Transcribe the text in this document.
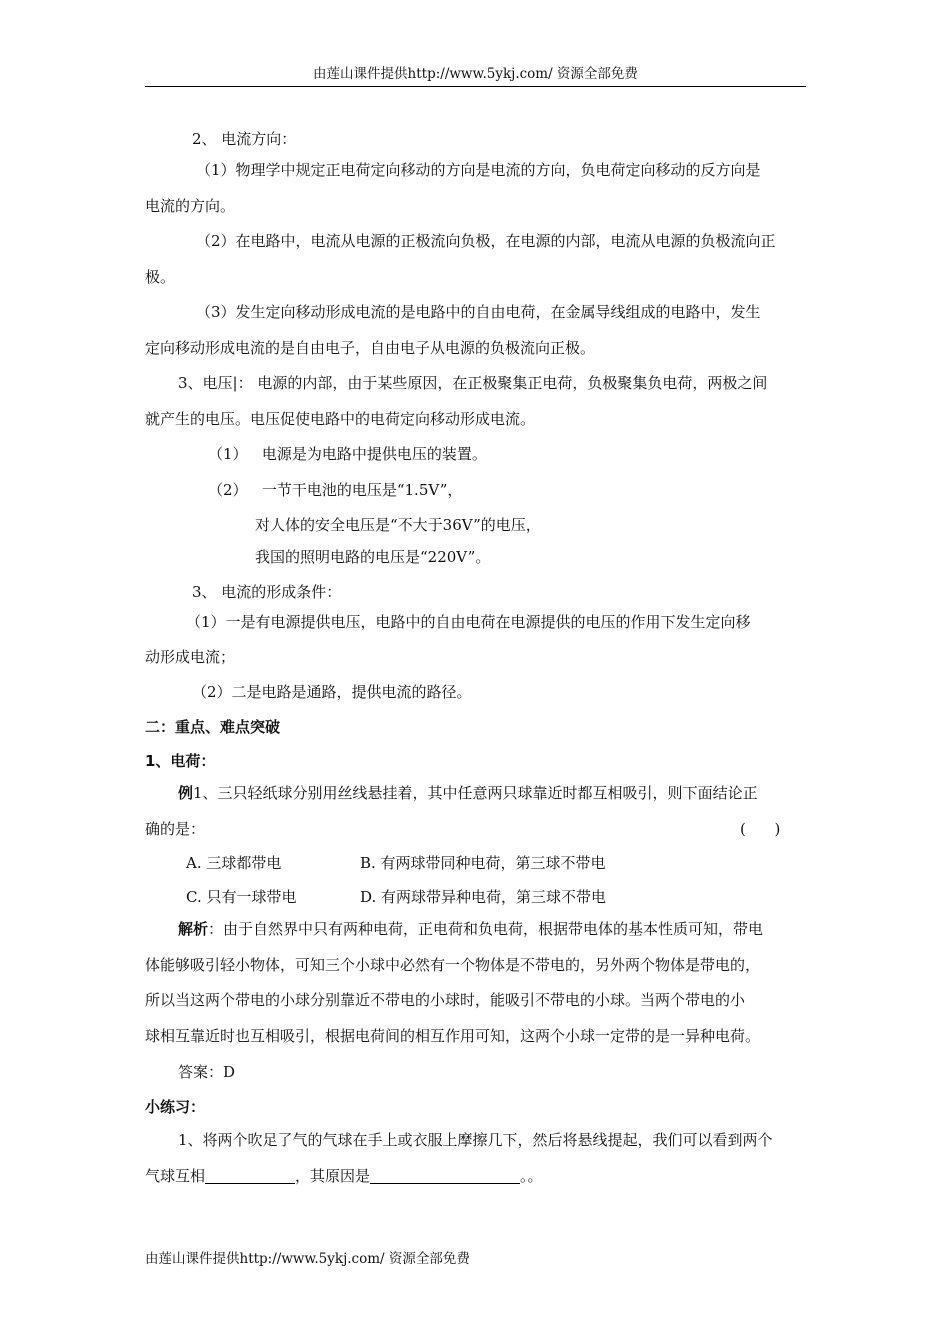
由莲山课件提供http://www.5ykj.com/ 资源全部免费
2、 电流方向：
（1）物理学中规定正电荷定向移动的方向是电流的方向，负电荷定向移动的反方向是
电流的方向。
（2）在电路中，电流从电源的正极流向负极，在电源的内部，电流从电源的负极流向正
极。
（3）发生定向移动形成电流的是电路中的自由电荷，在金属导线组成的电路中，发生
定向移动形成电流的是自由电子，自由电子从电源的负极流向正极。
3、电压|： 电源的内部，由于某些原因，在正极聚集正电荷，负极聚集负电荷，两极之间
就产生的电压。电压促使电路中的电荷定向移动形成电流。
（1）   电源是为电路中提供电压的装置。
（2）   一节干电池的电压是“1.5V”，
对人体的安全电压是“不大于36V”的电压，
我国的照明电路的电压是“220V”。
3、 电流的形成条件：
（1）一是有电源提供电压，电路中的自由电荷在电源提供的电压的作用下发生定向移
动形成电流；
（2）二是电路是通路，提供电流的路径。
二：重点、难点突破
1、电荷：
例1、三只轻纸球分别用丝线悬挂着，其中任意两只球靠近时都互相吸引，则下面结论正
确的是：	(      )
A. 三球都带电	B. 有两球带同种电荷，第三球不带电
C. 只有一球带电	D. 有两球带异种电荷，第三球不带电
解析：由于自然界中只有两种电荷，正电荷和负电荷，根据带电体的基本性质可知，带电
体能够吸引轻小物体，可知三个小球中必然有一个物体是不带电的，另外两个物体是带电的，
所以当这两个带电的小球分别靠近不带电的小球时，能吸引不带电的小球。当两个带电的小
球相互靠近时也互相吸引，根据电荷间的相互作用可知，这两个小球一定带的是一异种电荷。
答案：D
小练习：
1、将两个吹足了气的气球在手上或衣服上摩擦几下，然后将悬线提起，我们可以看到两个
气球互相	，其原因是	。。
由莲山课件提供http://www.5ykj.com/ 资源全部免费
